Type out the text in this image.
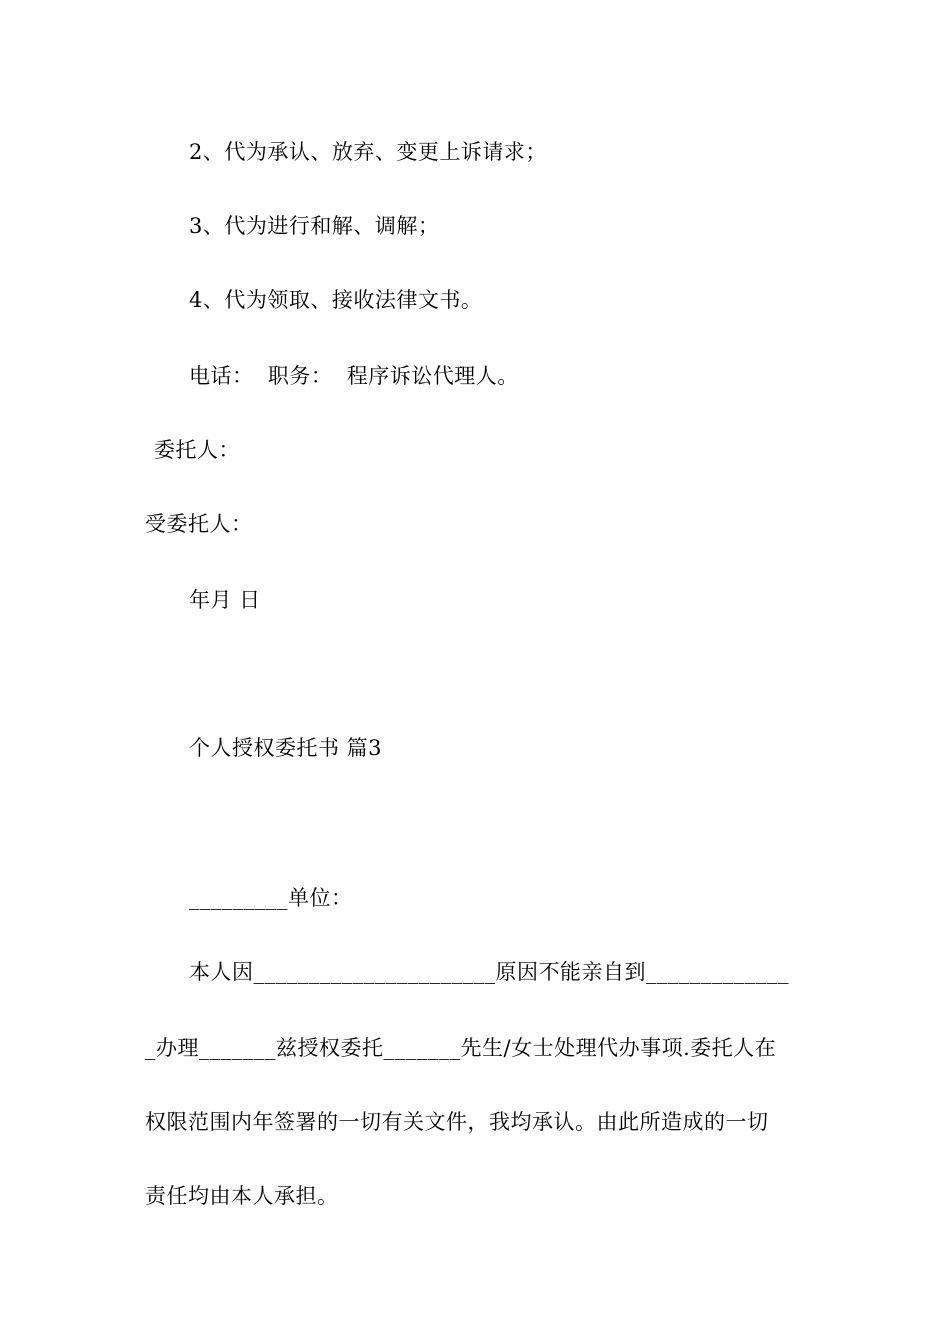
2、代为承认、放弃、变更上诉请求；
3、代为进行和解、调解；
4、代为领取、接收法律文书。
电话：  职务：  程序诉讼代理人。
委托人：
受委托人：
年月 日
个人授权委托书 篇3
_________单位：
本人因______________________原因不能亲自到_____________
_办理_______兹授权委托_______先生/女士处理代办事项.委托人在
权限范围内年签署的一切有关文件，我均承认。由此所造成的一切
责任均由本人承担。
